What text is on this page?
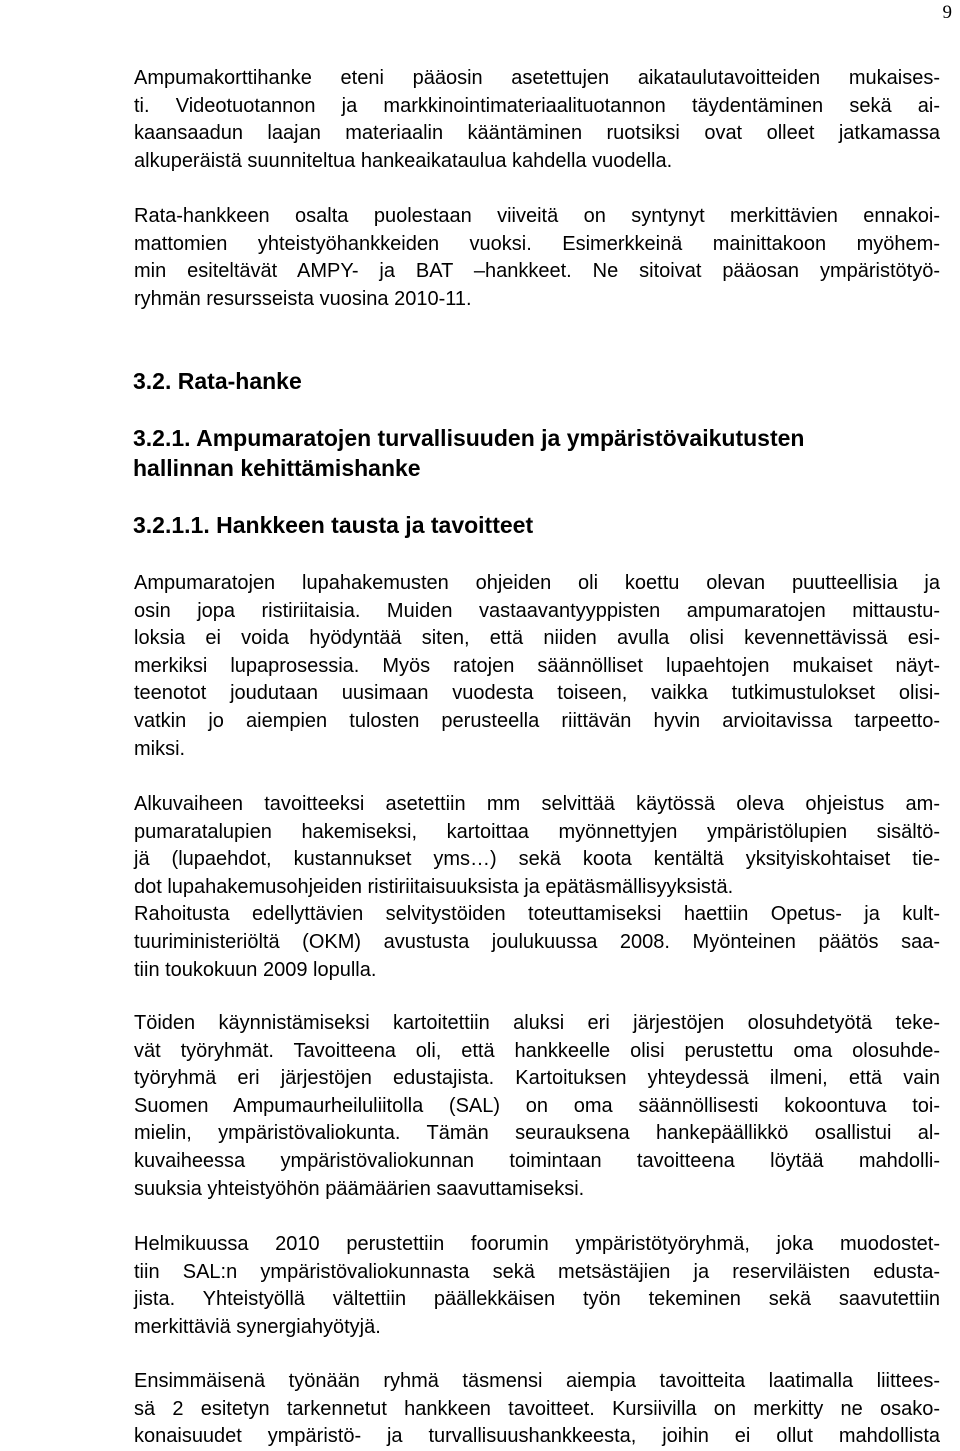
9
Ampumakorttihanke eteni pääosin asetettujen aikataulutavoitteiden mukaises-
ti. Videotuotannon ja markkinointimateriaalituotannon täydentäminen sekä ai-
kaansaadun laajan materiaalin kääntäminen ruotsiksi ovat olleet jatkamassa
alkuperäistä suunniteltua hankeaikataulua kahdella vuodella.
Rata-hankkeen osalta puolestaan viiveitä on syntynyt merkittävien ennakoi-
mattomien yhteistyöhankkeiden vuoksi. Esimerkkeinä mainittakoon myöhem-
min esiteltävät AMPY- ja BAT –hankkeet. Ne sitoivat pääosan ympäristötyö-
ryhmän resursseista vuosina 2010-11.
3.2. Rata-hanke
3.2.1. Ampumaratojen turvallisuuden ja ympäristövaikutusten
hallinnan kehittämishanke
3.2.1.1. Hankkeen tausta ja tavoitteet
Ampumaratojen lupahakemusten ohjeiden oli koettu olevan puutteellisia ja
osin jopa ristiriitaisia. Muiden vastaavantyyppisten ampumaratojen mittaustu-
loksia ei voida hyödyntää siten, että niiden avulla olisi kevennettävissä esi-
merkiksi lupaprosessia. Myös ratojen säännölliset lupaehtojen mukaiset näyt-
teenotot joudutaan uusimaan vuodesta toiseen, vaikka tutkimustulokset olisi-
vatkin jo aiempien tulosten perusteella riittävän hyvin arvioitavissa tarpeetto-
miksi.
Alkuvaiheen tavoitteeksi asetettiin mm selvittää käytössä oleva ohjeistus am-
pumaratalupien hakemiseksi, kartoittaa myönnettyjen ympäristölupien sisältö-
jä (lupaehdot, kustannukset yms…) sekä koota kentältä yksityiskohtaiset tie-
dot lupahakemusohjeiden ristiriitaisuuksista ja epätäsmällisyyksistä.
Rahoitusta edellyttävien selvitystöiden toteuttamiseksi haettiin Opetus- ja kult-
tuuriministeriöltä (OKM) avustusta joulukuussa 2008. Myönteinen päätös saa-
tiin toukokuun 2009 lopulla.
Töiden käynnistämiseksi kartoitettiin aluksi eri järjestöjen olosuhdetyötä teke-
vät työryhmät. Tavoitteena oli, että hankkeelle olisi perustettu oma olosuhde-
työryhmä eri järjestöjen edustajista. Kartoituksen yhteydessä ilmeni, että vain
Suomen Ampumaurheiluliitolla (SAL) on oma säännöllisesti kokoontuva toi-
mielin, ympäristövaliokunta. Tämän seurauksena hankepäällikkö osallistui al-
kuvaiheessa ympäristövaliokunnan toimintaan tavoitteena löytää mahdolli-
suuksia yhteistyöhön päämäärien saavuttamiseksi.
Helmikuussa 2010 perustettiin foorumin ympäristötyöryhmä, joka muodostet-
tiin SAL:n ympäristövaliokunnasta sekä metsästäjien ja reserviläisten edusta-
jista. Yhteistyöllä vältettiin päällekkäisen työn tekeminen sekä saavutettiin
merkittäviä synergiahyötyjä.
Ensimmäisenä työnään ryhmä täsmensi aiempia tavoitteita laatimalla liittees-
sä 2 esitetyn tarkennetut hankkeen tavoitteet. Kursiivilla on merkitty ne osako-
konaisuudet ympäristö- ja turvallisuushankkeesta, joihin ei ollut mahdollista
